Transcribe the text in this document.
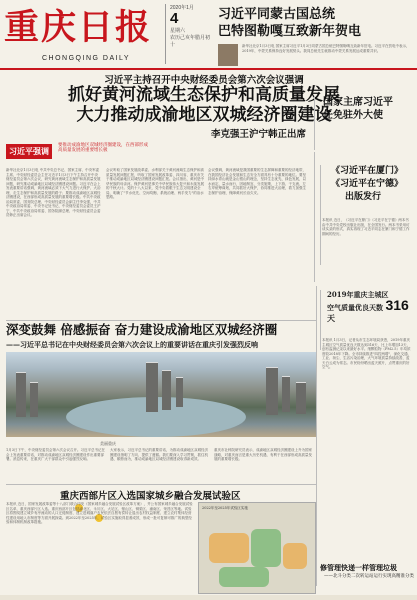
重庆日报
CHONGQING DAILY
2020年1月
4
星期六
农历己亥年腊月初十
习近平同蒙古国总统
巴特图勒嘎互致新年贺电
新华社北京1月3日电 国家主席习近平1月3日同蒙古国总统巴特图勒嘎互致新年贺电。习近平在贺电中表示，2019年，中蒙关系保持良好发展势头。我同总统先生就推动中蒙关系发展达成重要共识。
习近平主持召开中央财经委员会第六次会议强调
抓好黄河流域生态保护和高质量发展
大力推动成渝地区双城经济圈建设
李克强王沪宁韩正出席
国家主席习近平
任免驻外大使
习近平强调
要推动成渝地区双城经济圈建设，在西部形成高质量发展的重要增长极
新华社北京1月3日电 中共中央总书记、国家主席、中央军委主席、中央财经委员会主任习近平1月3日下午主持召开中央财经委员会第六次会议，研究黄河流域生态保护和高质量发展问题，研究推动成渝地区双城经济圈建设问题。习近平在会上发表重要讲话强调，黄河流域必须下大气力进行大保护、大治理，走生态保护和高质量发展的路子；要推动成渝地区双城经济圈建设，在西部形成高质量发展的重要增长极。中共中央政治局常委、国务院总理、中央财经委员会副主任李克强，中共中央政治局常委、中央书记处书记、中央财经委员会委员王沪宁，中共中央政治局常委、国务院副总理、中央财经委员会委员韩正出席会议。
会议听取了国家发展改革委、水利部关于黄河流域生态保护和高质量发展问题汇报，听取了国家发展改革委、四川省、重庆市关于推动成渝地区双城经济圈建设问题汇报。会议指出，黄河是中华民族的母亲河。保护黄河是事关中华民族伟大复兴和永续发展的千秋大计。党的十八大以来，党中央着眼于生态文明建设全局，明确了"节水优先、空间均衡、系统治理、两手发力"的治水思路。
会议强调，黄河流域是我国重要的生态屏障和重要的经济地带，在我国经济社会发展和生态安全方面具有十分重要的地位。要坚持绿水青山就是金山银山的理念，坚持生态优先、绿色发展，以水而定、量水而行，因地制宜、分类施策，上下游、干支流、左右岸统筹谋划，共同抓好大保护，协同推进大治理，着力加强生态保护治理、保障黄河长治久安。
《习近平在厦门》
《习近平在宁德》
出版发行
本报讯 近日，《习近平在厦门》《习近平在宁德》两本书由中共中央党校出版社出版，在全国发行。两本书采用访谈实录的形式，真实再现了习近平同志在厦门和宁德工作期间的经历。
深变鼓舞 倍感振奋 奋力建设成渝地区双城经济圈
——习近平总书记在中央财经委员会第六次会议上的重要讲话在重庆引发强烈反响
美丽重庆
1月3日下午，中央财经委员会第六次会议召开。习近平总书记在会上发表重要讲话，对推动成渝地区双城经济圈建设作出重要部署。消息传来，在重庆广大干部群众中引起强烈反响。
大家表示，习近平总书记的重要讲话，为推动成渝地区双城经济圈建设指明了方向、提供了遵循。我们要深入学习贯彻，抓住机遇、顺势而为，推动成渝地区双城经济圈建设取得新成效。
重庆市社科院研究员表示，成渝地区双城经济圈建设上升为国家战略，对重庆而言是重大历史机遇，有利于在西部形成高质量发展的重要增长极。
2019年重庆主城区
空气质量优良天数 316天
本报讯 1月3日，记者从市生态环境局获悉，2019年重庆主城区空气质量优良天数达到316天，比上年增加13天，创有监测记录以来最好水平。细颗粒物（PM2.5）年均浓度较2018年下降。全市持续推进"四控两增"，深化交通、工业、扬尘、生活污染治理，大气环境质量持续改善，蓝天白云成为常态。市民纷纷晒出蓝天照片，点赞重庆的好空气。
重庆西部片区入选国家城乡融合发展试验区
本报讯 近日，国家发展改革委等十八部门联合印发《国家城乡融合发展试验区改革方案》，并公布国家城乡融合发展试验区名单，重庆西部片区入选。重庆西部片区包括渝北区、永川区、大足区、璧山区、铜梁区、潼南区、荣昌区等地。试验区将围绕建立城乡有序流动的人口迁徙制度、建立进城落户农民依法自愿有偿转让退出农村权益制度、建立农村集体经营性建设用地入市制度等方面开展探索。到2022年至2025年，试验区实施取得显著成效，形成一批可复制可推广的典型经验和体制机制改革措施。
2022年至2025年试验区实施
修管理快递一样管理垃圾
——北斗分类二次转运站运行实现高精准分类
